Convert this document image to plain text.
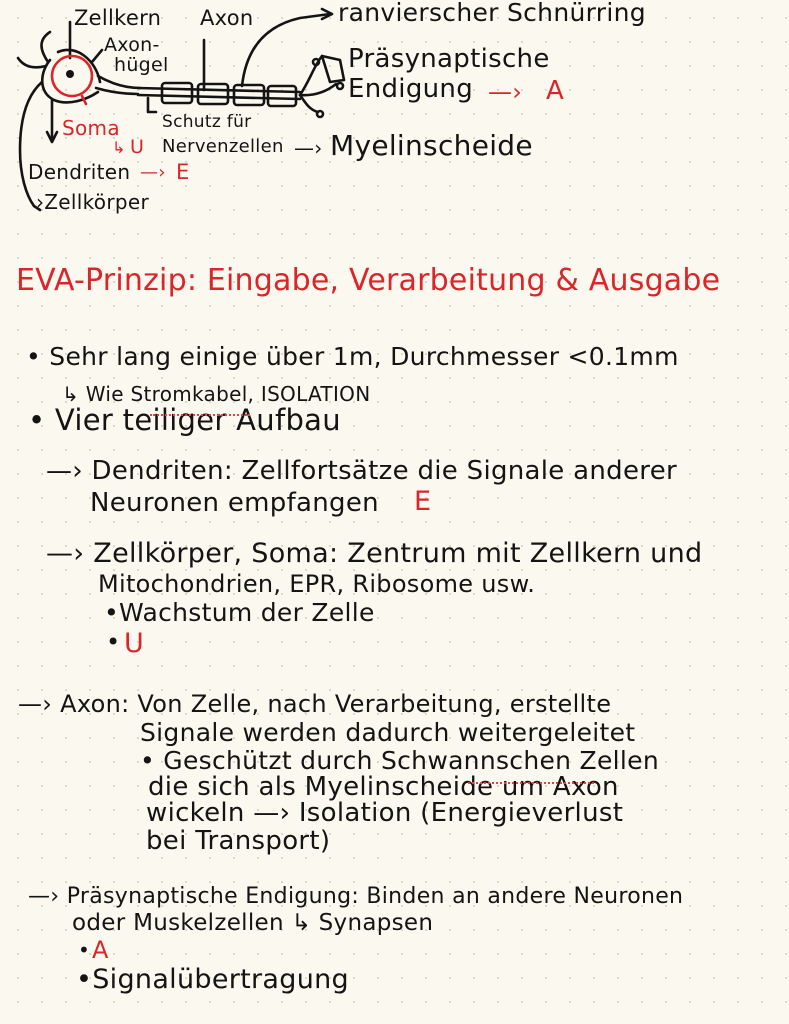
Zellkern Axon	ranvierscher Schnürring
Axon-
hügel	Präsynaptische
Endigung —› A
Schutz für
Nervenzellen —› Myelinscheide
Soma
↳ U
Dendriten —› E
›Zellkörper
EVA-Prinzip: Eingabe, Verarbeitung & Ausgabe
• Sehr lang einige über 1m, Durchmesser <0.1mm
↳ Wie Stromkabel, ISOLATION
• Vier teiliger Aufbau
—› Dendriten: Zellfortsätze die Signale anderer
Neuronen empfangen E
—› Zellkörper, Soma: Zentrum mit Zellkern und
Mitochondrien, EPR, Ribosome usw.
•Wachstum der Zelle
• U
—› Axon: Von Zelle, nach Verarbeitung, erstellte
Signale werden dadurch weitergeleitet
• Geschützt durch Schwannschen Zellen
die sich als Myelinscheide um Axon
wickeln —› Isolation (Energieverlust
bei Transport)
—› Präsynaptische Endigung: Binden an andere Neuronen
oder Muskelzellen ↳ Synapsen
• A
•Signalübertragung
